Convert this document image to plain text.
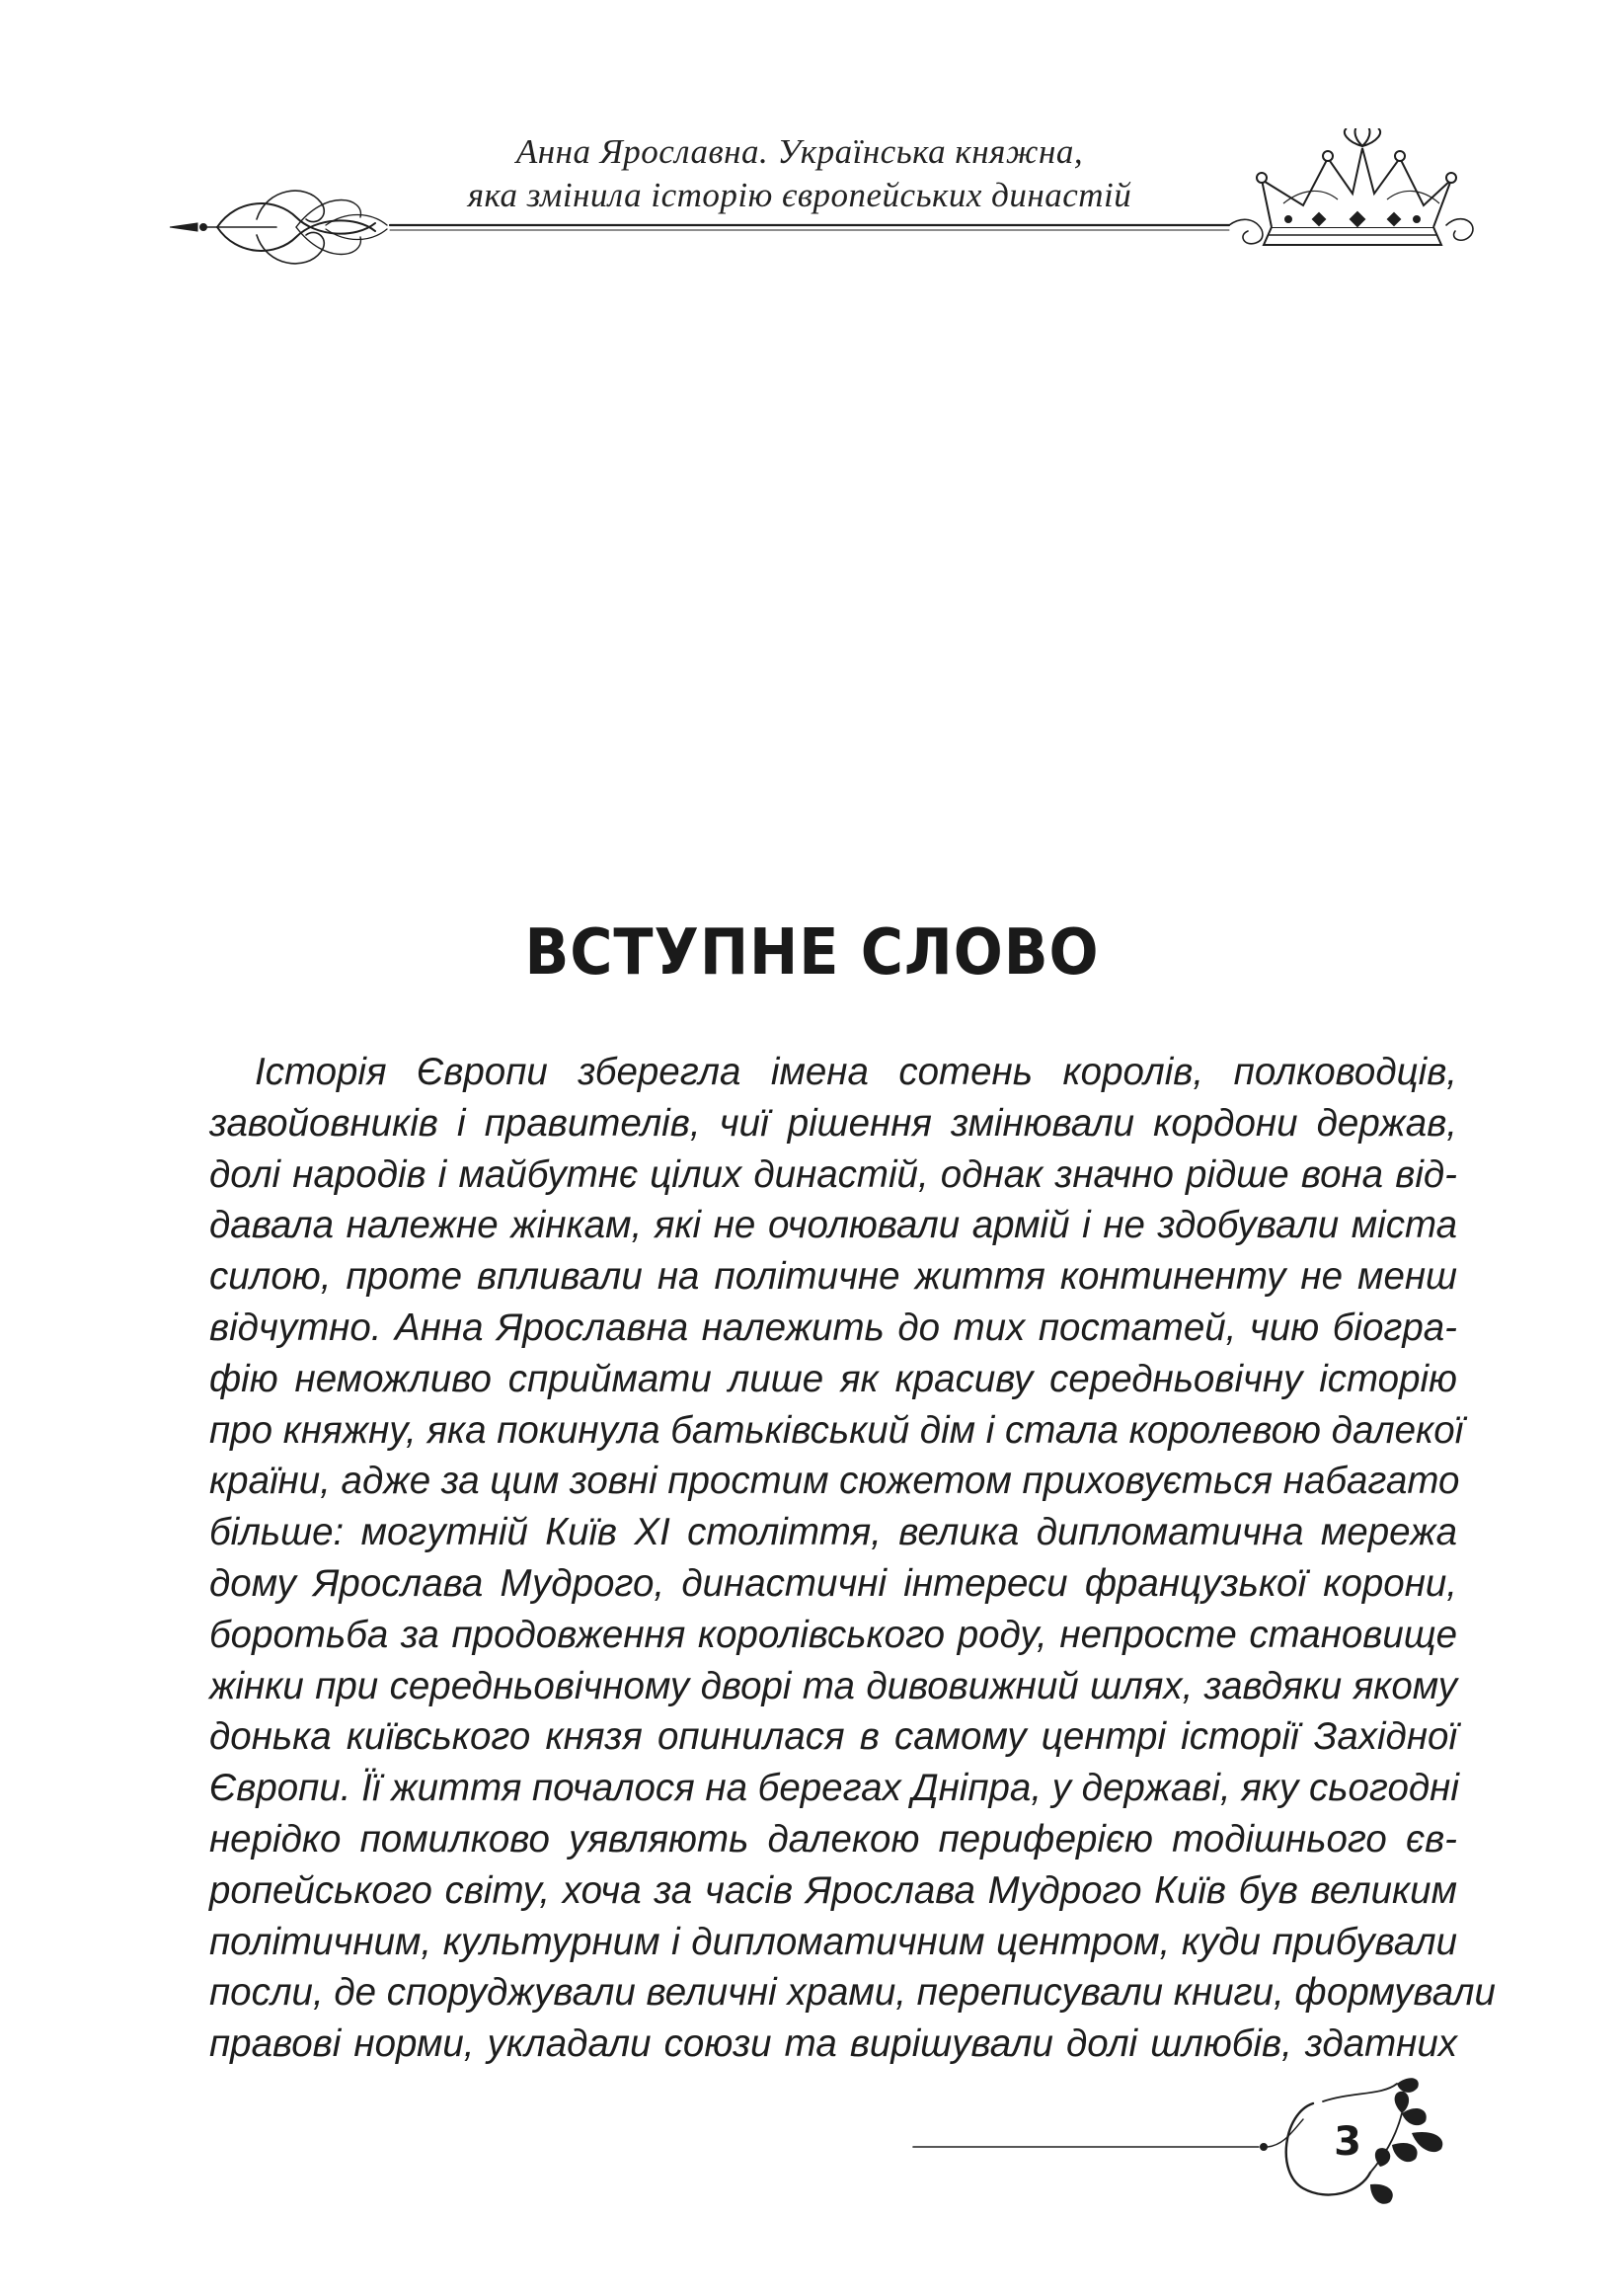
Анна Ярославна. Українська княжна,
яка змінила історію європейських династій
ВСТУПНЕ СЛОВО
Історія Європи зберегла імена сотень королів, полководців,
завойовників і правителів, чиї рішення змінювали кордони держав,
долі народів і майбутнє цілих династій, однак значно рідше вона від-
давала належне жінкам, які не очолювали армій і не здобували міста
силою, проте впливали на політичне життя континенту не менш
відчутно. Анна Ярославна належить до тих постатей, чию біогра-
фію неможливо сприймати лише як красиву середньовічну історію
про княжну, яка покинула батьківський дім і стала королевою далекої
країни, адже за цим зовні простим сюжетом приховується набагато
більше: могутній Київ XI століття, велика дипломатична мережа
дому Ярослава Мудрого, династичні інтереси французької корони,
боротьба за продовження королівського роду, непросте становище
жінки при середньовічному дворі та дивовижний шлях, завдяки якому
донька київського князя опинилася в самому центрі історії Західної
Європи. Її життя почалося на берегах Дніпра, у державі, яку сьогодні
нерідко помилково уявляють далекою периферією тодішнього єв-
ропейського світу, хоча за часів Ярослава Мудрого Київ був великим
політичним, культурним і дипломатичним центром, куди прибували
посли, де споруджували величні храми, переписували книги, формували
правові норми, укладали союзи та вирішували долі шлюбів, здатних
3
